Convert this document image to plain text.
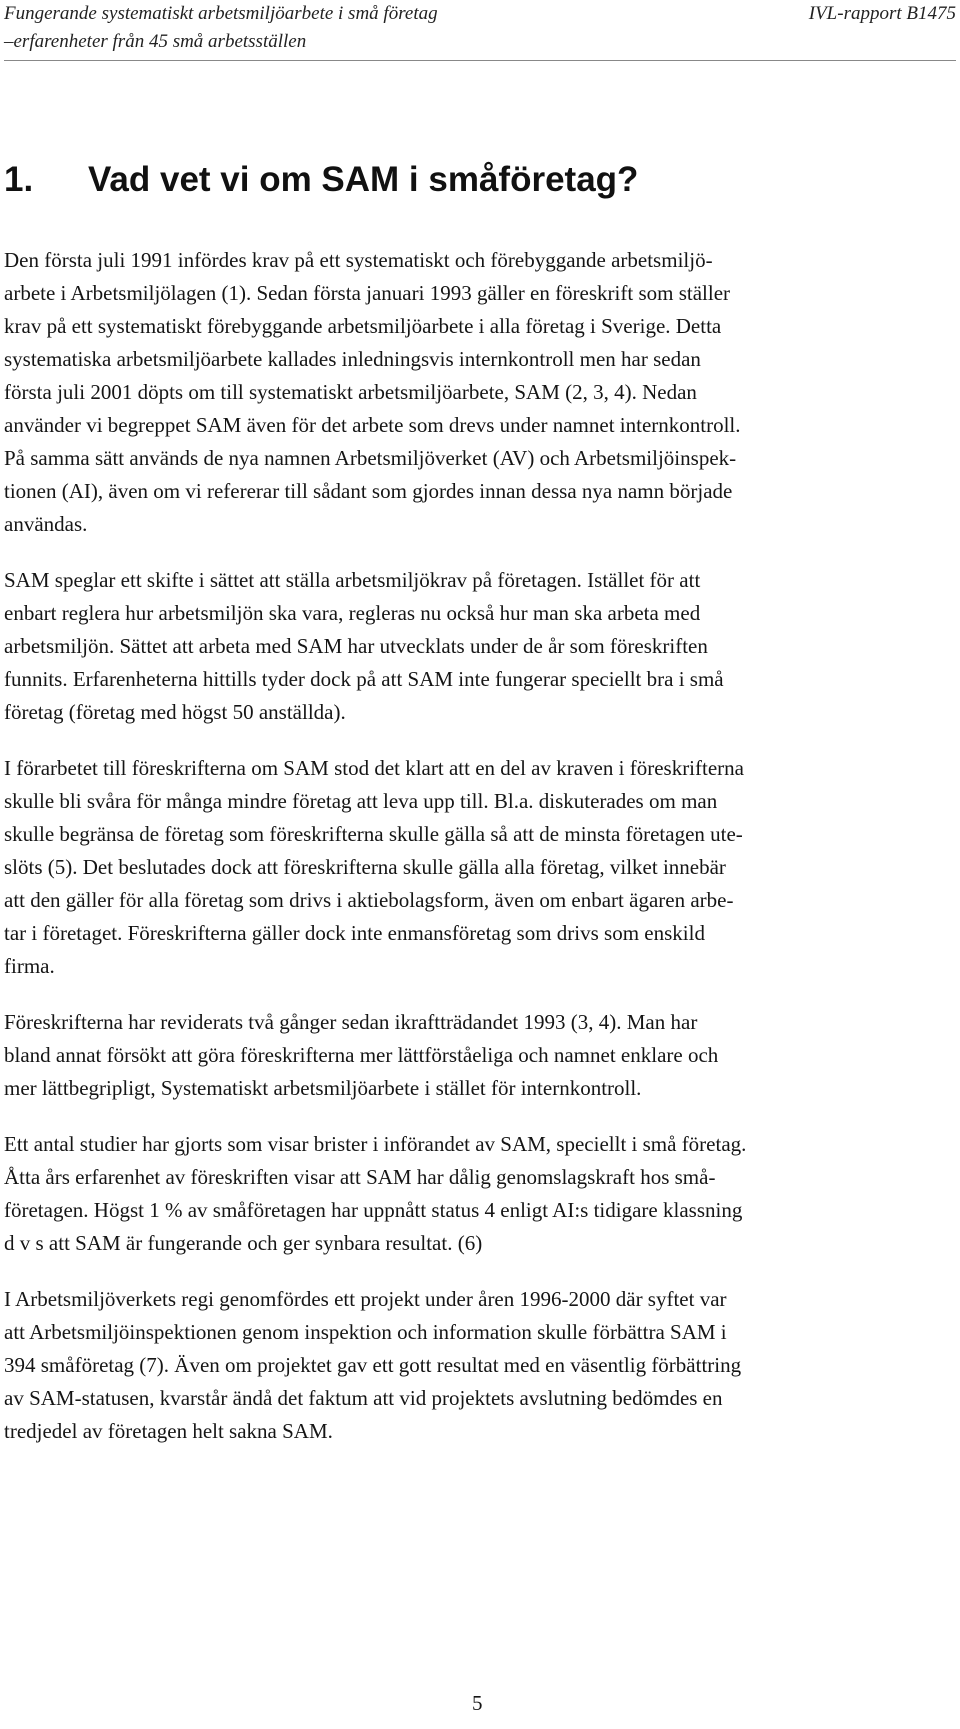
Fungerande systematiskt arbetsmiljöarbete i små företag	IVL-rapport B1475
–erfarenheter från 45 små arbetsställen
1. Vad vet vi om SAM i småföretag?

Den första juli 1991 infördes krav på ett systematiskt och förebyggande arbetsmiljö-
arbete i Arbetsmiljölagen (1). Sedan första januari 1993 gäller en föreskrift som ställer
krav på ett systematiskt förebyggande arbetsmiljöarbete i alla företag i Sverige. Detta
systematiska arbetsmiljöarbete kallades inledningsvis internkontroll men har sedan
första juli 2001 döpts om till systematiskt arbetsmiljöarbete, SAM (2, 3, 4). Nedan
använder vi begreppet SAM även för det arbete som drevs under namnet internkontroll.
På samma sätt används de nya namnen Arbetsmiljöverket (AV) och Arbetsmiljöinspek-
tionen (AI), även om vi refererar till sådant som gjordes innan dessa nya namn började
användas.

SAM speglar ett skifte i sättet att ställa arbetsmiljökrav på företagen. Istället för att
enbart reglera hur arbetsmiljön ska vara, regleras nu också hur man ska arbeta med
arbetsmiljön. Sättet att arbeta med SAM har utvecklats under de år som föreskriften
funnits. Erfarenheterna hittills tyder dock på att SAM inte fungerar speciellt bra i små
företag (företag med högst 50 anställda).

I förarbetet till föreskrifterna om SAM stod det klart att en del av kraven i föreskrifterna
skulle bli svåra för många mindre företag att leva upp till. Bl.a. diskuterades om man
skulle begränsa de företag som föreskrifterna skulle gälla så att de minsta företagen ute-
slöts (5). Det beslutades dock att föreskrifterna skulle gälla alla företag, vilket innebär
att den gäller för alla företag som drivs i aktiebolagsform, även om enbart ägaren arbe-
tar i företaget. Föreskrifterna gäller dock inte enmansföretag som drivs som enskild
firma.

Föreskrifterna har reviderats två gånger sedan ikraftträdandet 1993 (3, 4). Man har
bland annat försökt att göra föreskrifterna mer lättförståeliga och namnet enklare och
mer lättbegripligt, Systematiskt arbetsmiljöarbete i stället för internkontroll.

Ett antal studier har gjorts som visar brister i införandet av SAM, speciellt i små företag.
Åtta års erfarenhet av föreskriften visar att SAM har dålig genomslagskraft hos små-
företagen. Högst 1 % av småföretagen har uppnått status 4 enligt AI:s tidigare klassning
d v s att SAM är fungerande och ger synbara resultat. (6)

I Arbetsmiljöverkets regi genomfördes ett projekt under åren 1996-2000 där syftet var
att Arbetsmiljöinspektionen genom inspektion och information skulle förbättra SAM i
394 småföretag (7). Även om projektet gav ett gott resultat med en väsentlig förbättring
av SAM-statusen, kvarstår ändå det faktum att vid projektets avslutning bedömdes en
tredjedel av företagen helt sakna SAM.

5
